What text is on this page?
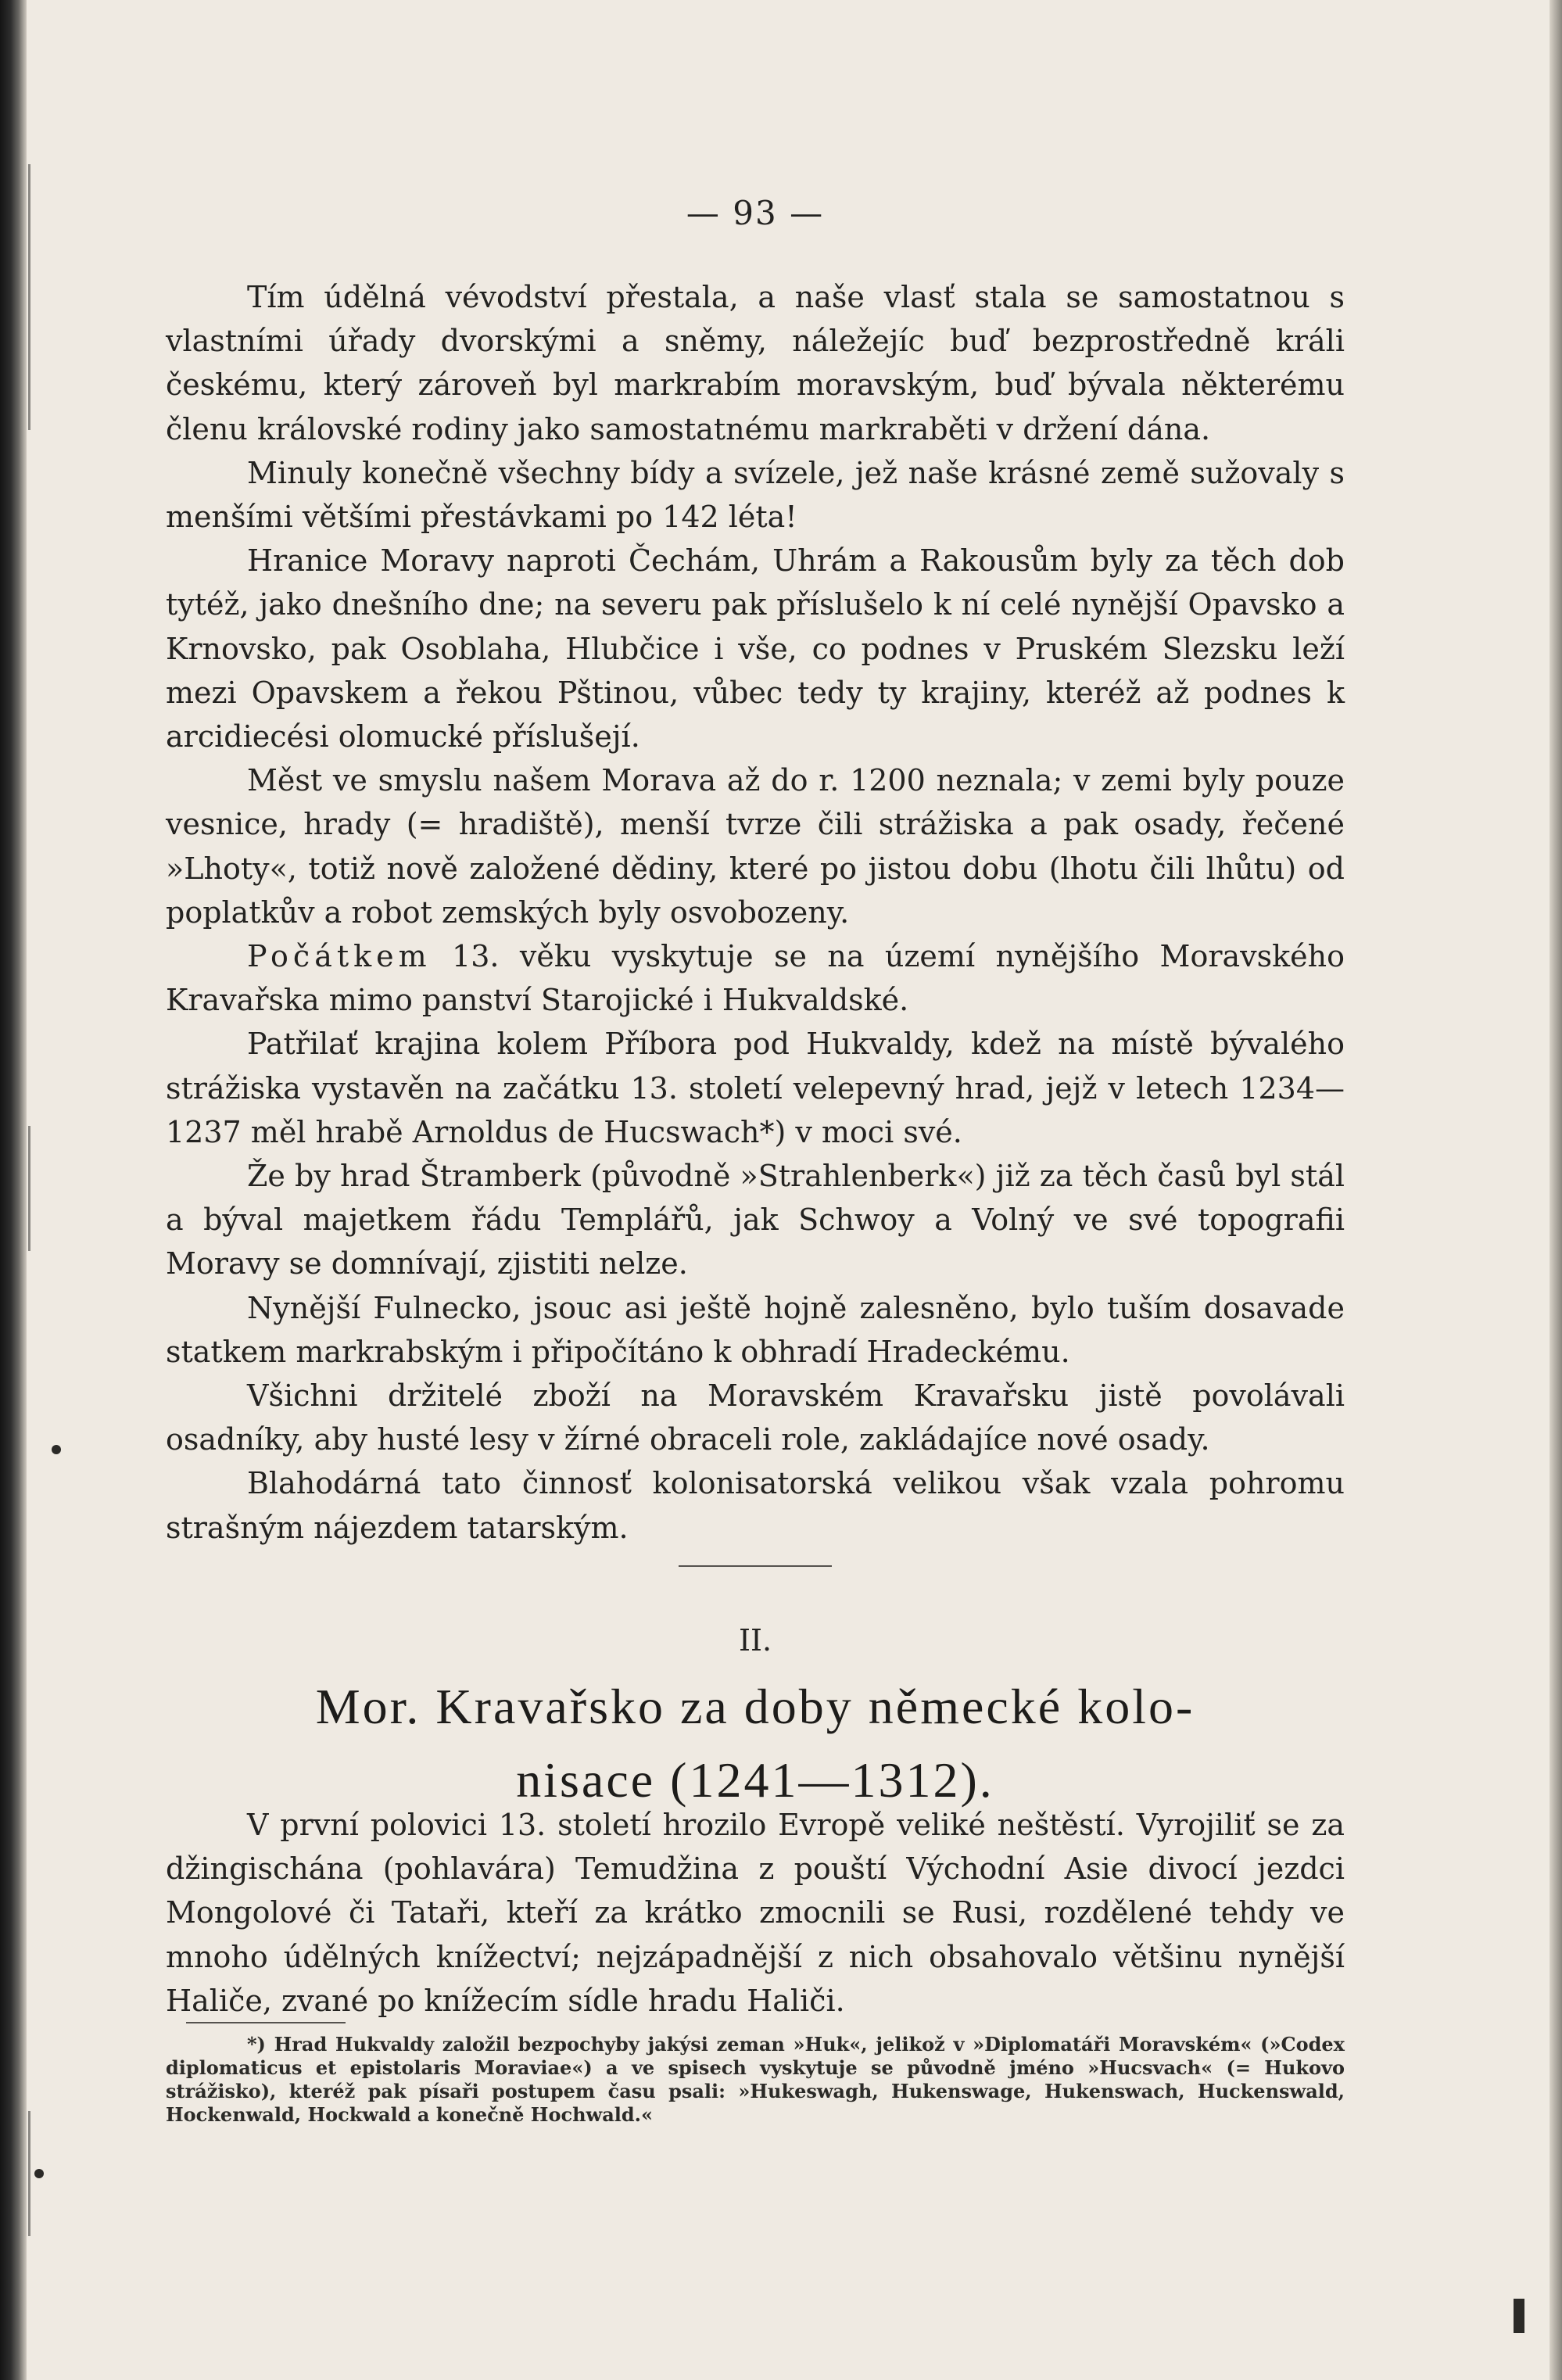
— 93 —

Tím údělná vévodství přestala, a naše vlasť stala se samostatnou s vlastními úřady dvorskými a sněmy, náležejíc buď bezprostředně králi českému, který zároveň byl markrabím moravským, buď bývala některému členu královské rodiny jako samostatnému markraběti v držení dána.

Minuly konečně všechny bídy a svízele, jež naše krásné země sužovaly s menšími většími přestávkami po 142 léta!

Hranice Moravy naproti Čechám, Uhrám a Rakousům byly za těch dob tytéž, jako dnešního dne; na severu pak příslušelo k ní celé nynější Opavsko a Krnovsko, pak Osoblaha, Hlubčice i vše, co podnes v Pruském Slezsku leží mezi Opavskem a řekou Pštinou, vůbec tedy ty krajiny, kteréž až podnes k arcidiecési olomucké příslušejí.

Měst ve smyslu našem Morava až do r. 1200 neznala; v zemi byly pouze vesnice, hrady (= hradiště), menší tvrze čili strážiska a pak osady, řečené »Lhoty«, totiž nově založené dědiny, které po jistou dobu (lhotu čili lhůtu) od poplatkův a robot zemských byly osvobozeny.

Počátkem 13. věku vyskytuje se na území nynějšího Moravského Kravařska mimo panství Starojické i Hukvaldské.

Patřilať krajina kolem Příbora pod Hukvaldy, kdež na místě bývalého strážiska vystavěn na začátku 13. století velepevný hrad, jejž v letech 1234—1237 měl hrabě Arnoldus de Hucswach*) v moci své.

Že by hrad Štramberk (původně »Strahlenberk«) již za těch časů byl stál a býval majetkem řádu Templářů, jak Schwoy a Volný ve své topografii Moravy se domnívají, zjistiti nelze.

Nynější Fulnecko, jsouc asi ještě hojně zalesněno, bylo tuším dosavade statkem markrabským i připočítáno k obhradí Hradeckému.

Všichni držitelé zboží na Moravském Kravařsku jistě povolávali osadníky, aby husté lesy v žírné obraceli role, zakládajíce nové osady.

Blahodárná tato činnosť kolonisatorská velikou však vzala pohromu strašným nájezdem tatarským.

II.
Mor. Kravařsko za doby německé kolo-
nisace (1241—1312).

V první polovici 13. století hrozilo Evropě veliké neštěstí. Vyrojiliť se za džingischána (pohlavára) Temudžina z pouští Východní Asie divocí jezdci Mongolové či Tataři, kteří za krátko zmocnili se Rusi, rozdělené tehdy ve mnoho údělných knížectví; nejzápadnější z nich obsahovalo většinu nynější Haliče, zvané po knížecím sídle hradu Haliči.

*) Hrad Hukvaldy založil bezpochyby jakýsi zeman »Huk«, jelikož v »Diplomatáři Moravském« (»Codex diplomaticus et epistolaris Moraviae«) a ve spisech vyskytuje se původně jméno »Hucsvach« (= Hukovo strážisko), kteréž pak písaři postupem času psali: »Hukeswagh, Hukenswage, Hukenswach, Huckenswald, Hockenwald, Hockwald a konečně Hochwald.«
